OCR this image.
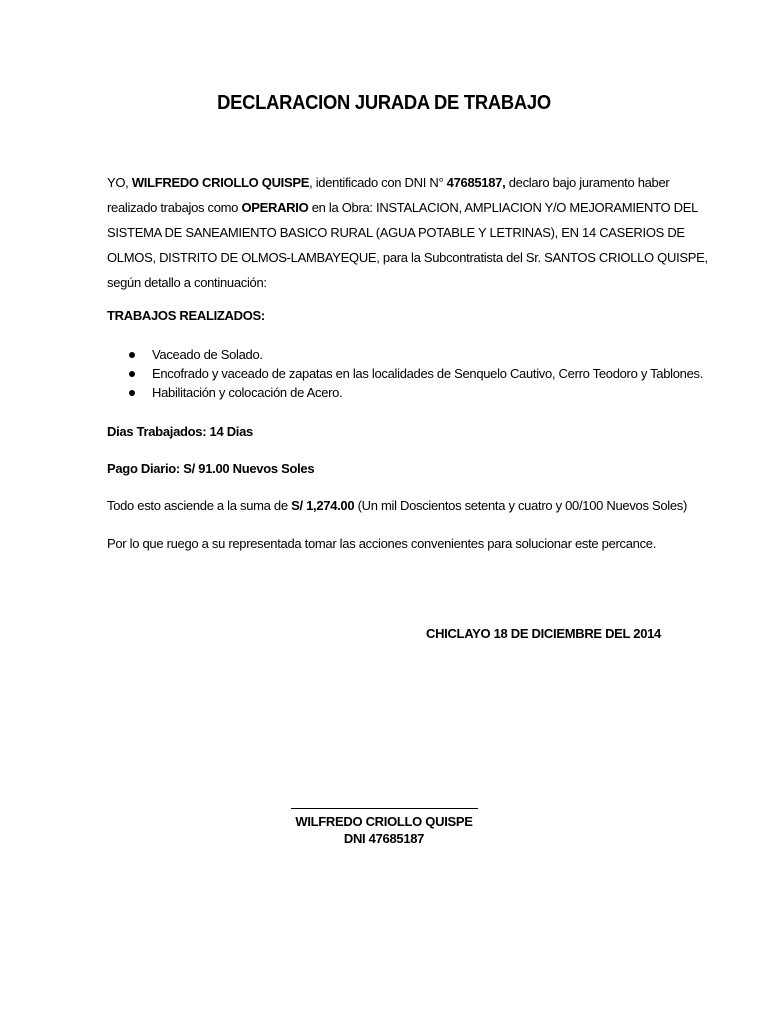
DECLARACION JURADA DE TRABAJO
YO, WILFREDO CRIOLLO QUISPE, identificado con DNI N° 47685187, declaro bajo juramento haber
realizado trabajos como OPERARIO en la Obra: INSTALACION, AMPLIACION Y/O MEJORAMIENTO DEL
SISTEMA DE SANEAMIENTO BASICO RURAL (AGUA POTABLE Y LETRINAS), EN 14 CASERIOS DE
OLMOS, DISTRITO DE OLMOS-LAMBAYEQUE, para la Subcontratista del Sr. SANTOS CRIOLLO QUISPE,
según detallo a continuación:
TRABAJOS REALIZADOS:
Vaceado de Solado.
Encofrado y vaceado de zapatas en las localidades de Senquelo Cautivo, Cerro Teodoro y Tablones.
Habilitación y colocación de Acero.
Dias Trabajados: 14 Dias
Pago Diario: S/ 91.00 Nuevos Soles
Todo esto asciende a la suma de S/ 1,274.00 (Un mil Doscientos setenta y cuatro y 00/100 Nuevos Soles)
Por lo que ruego a su representada tomar las acciones convenientes para solucionar este percance.
CHICLAYO 18 DE DICIEMBRE DEL 2014
WILFREDO CRIOLLO QUISPE
DNI 47685187
